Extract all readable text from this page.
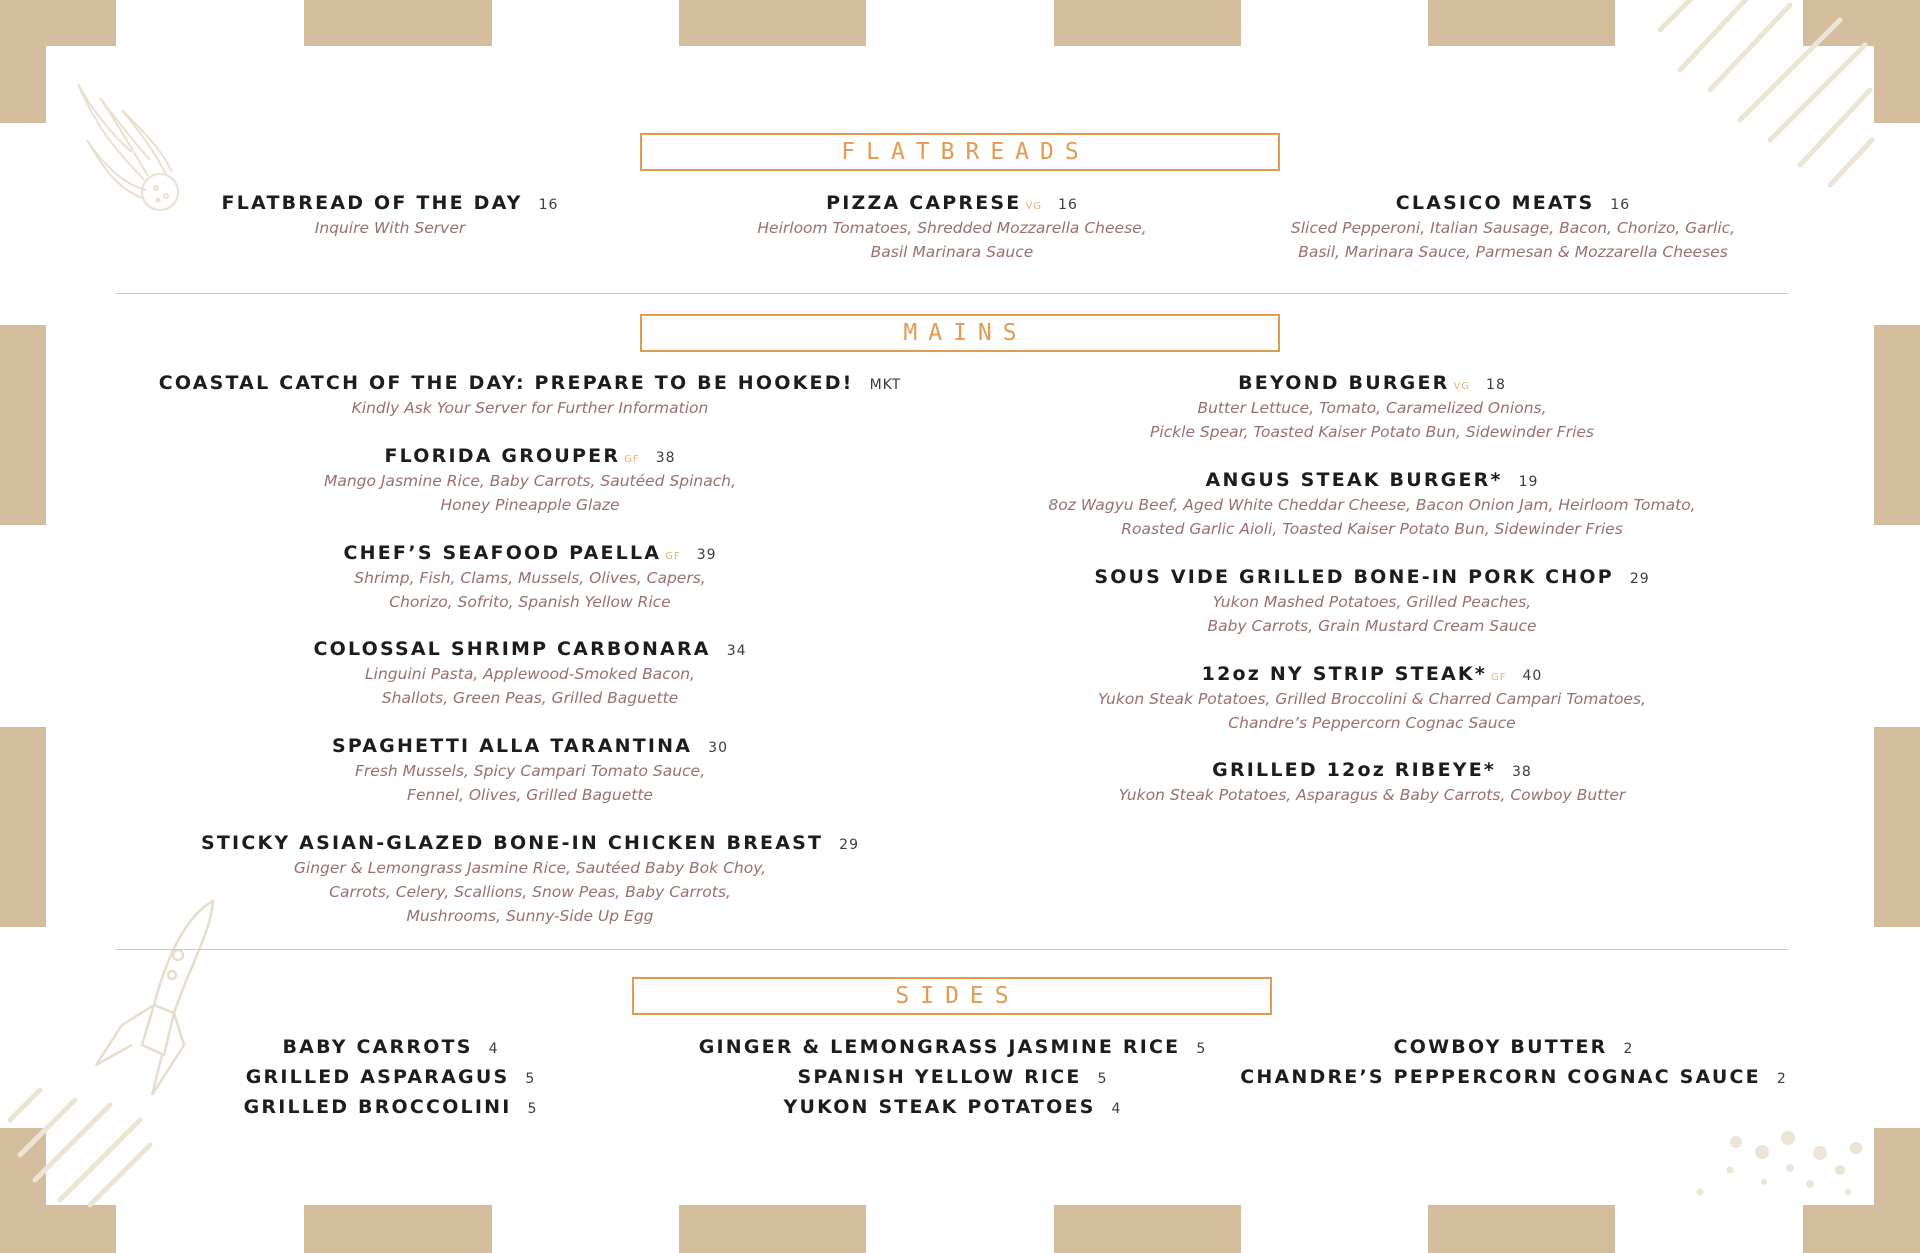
FLATBREADS
FLATBREAD OF THE DAY 16
Inquire With Server
PIZZA CAPRESE VG 16
Heirloom Tomatoes, Shredded Mozzarella Cheese,
Basil Marinara Sauce
CLASICO MEATS 16
Sliced Pepperoni, Italian Sausage, Bacon, Chorizo, Garlic,
Basil, Marinara Sauce, Parmesan & Mozzarella Cheeses
MAINS
COASTAL CATCH OF THE DAY: PREPARE TO BE HOOKED! MKT
Kindly Ask Your Server for Further Information
FLORIDA GROUPER GF 38
Mango Jasmine Rice, Baby Carrots, Sautéed Spinach,
Honey Pineapple Glaze
CHEF’S SEAFOOD PAELLA GF 39
Shrimp, Fish, Clams, Mussels, Olives, Capers,
Chorizo, Sofrito, Spanish Yellow Rice
COLOSSAL SHRIMP CARBONARA 34
Linguini Pasta, Applewood-Smoked Bacon,
Shallots, Green Peas, Grilled Baguette
SPAGHETTI ALLA TARANTINA 30
Fresh Mussels, Spicy Campari Tomato Sauce,
Fennel, Olives, Grilled Baguette
STICKY ASIAN-GLAZED BONE-IN CHICKEN BREAST 29
Ginger & Lemongrass Jasmine Rice, Sautéed Baby Bok Choy,
Carrots, Celery, Scallions, Snow Peas, Baby Carrots,
Mushrooms, Sunny-Side Up Egg
BEYOND BURGER VG 18
Butter Lettuce, Tomato, Caramelized Onions,
Pickle Spear, Toasted Kaiser Potato Bun, Sidewinder Fries
ANGUS STEAK BURGER* 19
8oz Wagyu Beef, Aged White Cheddar Cheese, Bacon Onion Jam, Heirloom Tomato,
Roasted Garlic Aioli, Toasted Kaiser Potato Bun, Sidewinder Fries
SOUS VIDE GRILLED BONE-IN PORK CHOP 29
Yukon Mashed Potatoes, Grilled Peaches,
Baby Carrots, Grain Mustard Cream Sauce
12oz NY STRIP STEAK* GF 40
Yukon Steak Potatoes, Grilled Broccolini & Charred Campari Tomatoes,
Chandre’s Peppercorn Cognac Sauce
GRILLED 12oz RIBEYE* 38
Yukon Steak Potatoes, Asparagus & Baby Carrots, Cowboy Butter
SIDES
BABY CARROTS 4
GRILLED ASPARAGUS 5
GRILLED BROCCOLINI 5
GINGER & LEMONGRASS JASMINE RICE 5
SPANISH YELLOW RICE 5
YUKON STEAK POTATOES 4
COWBOY BUTTER 2
CHANDRE’S PEPPERCORN COGNAC SAUCE 2
